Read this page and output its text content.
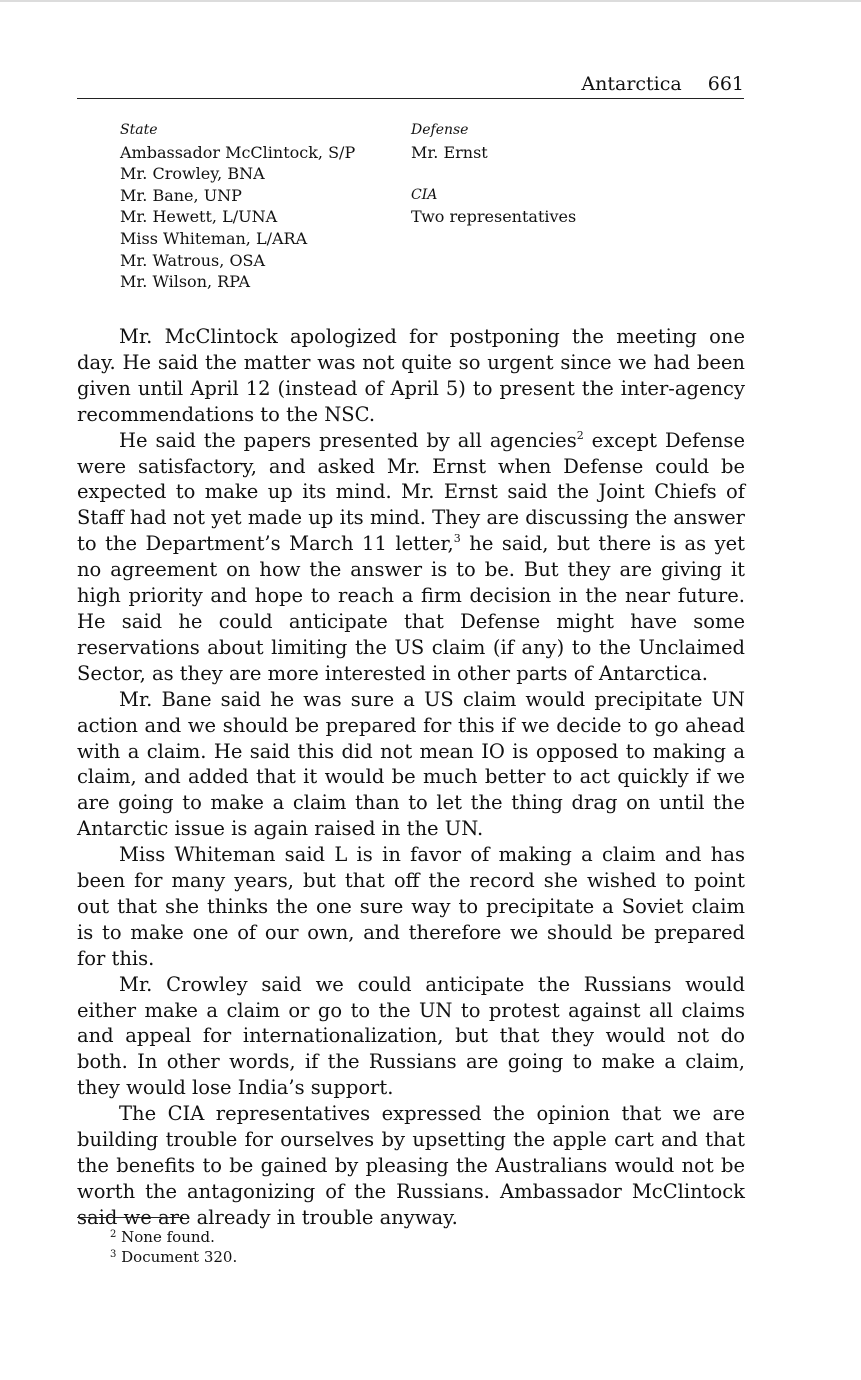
Antarctica 661
State
Ambassador McClintock, S/P
Mr. Crowley, BNA
Mr. Bane, UNP
Mr. Hewett, L/UNA
Miss Whiteman, L/ARA
Mr. Watrous, OSA
Mr. Wilson, RPA
Defense
Mr. Ernst
CIA
Two representatives

Mr. McClintock apologized for postponing the meeting one day. He said the matter was not quite so urgent since we had been given until April 12 (instead of April 5) to present the inter-agency recommendations to the NSC.

He said the papers presented by all agencies$^2$ except Defense were satisfactory, and asked Mr. Ernst when Defense could be expected to make up its mind. Mr. Ernst said the Joint Chiefs of Staff had not yet made up its mind. They are discussing the answer to the Department’s March 11 letter,$^3$ he said, but there is as yet no agreement on how the answer is to be. But they are giving it high priority and hope to reach a firm decision in the near future. He said he could anticipate that Defense might have some reservations about limiting the US claim (if any) to the Unclaimed Sector, as they are more interested in other parts of Antarctica.

Mr. Bane said he was sure a US claim would precipitate UN action and we should be prepared for this if we decide to go ahead with a claim. He said this did not mean IO is opposed to making a claim, and added that it would be much better to act quickly if we are going to make a claim than to let the thing drag on until the Antarctic issue is again raised in the UN.

Miss Whiteman said L is in favor of making a claim and has been for many years, but that off the record she wished to point out that she thinks the one sure way to precipitate a Soviet claim is to make one of our own, and therefore we should be prepared for this.

Mr. Crowley said we could anticipate the Russians would either make a claim or go to the UN to protest against all claims and appeal for internationalization, but that they would not do both. In other words, if the Russians are going to make a claim, they would lose India’s support.

The CIA representatives expressed the opinion that we are building trouble for ourselves by upsetting the apple cart and that the benefits to be gained by pleasing the Australians would not be worth the antagonizing of the Russians. Ambassador McClintock said we are already in trouble anyway.

$^2$ None found.
$^3$ Document 320.
